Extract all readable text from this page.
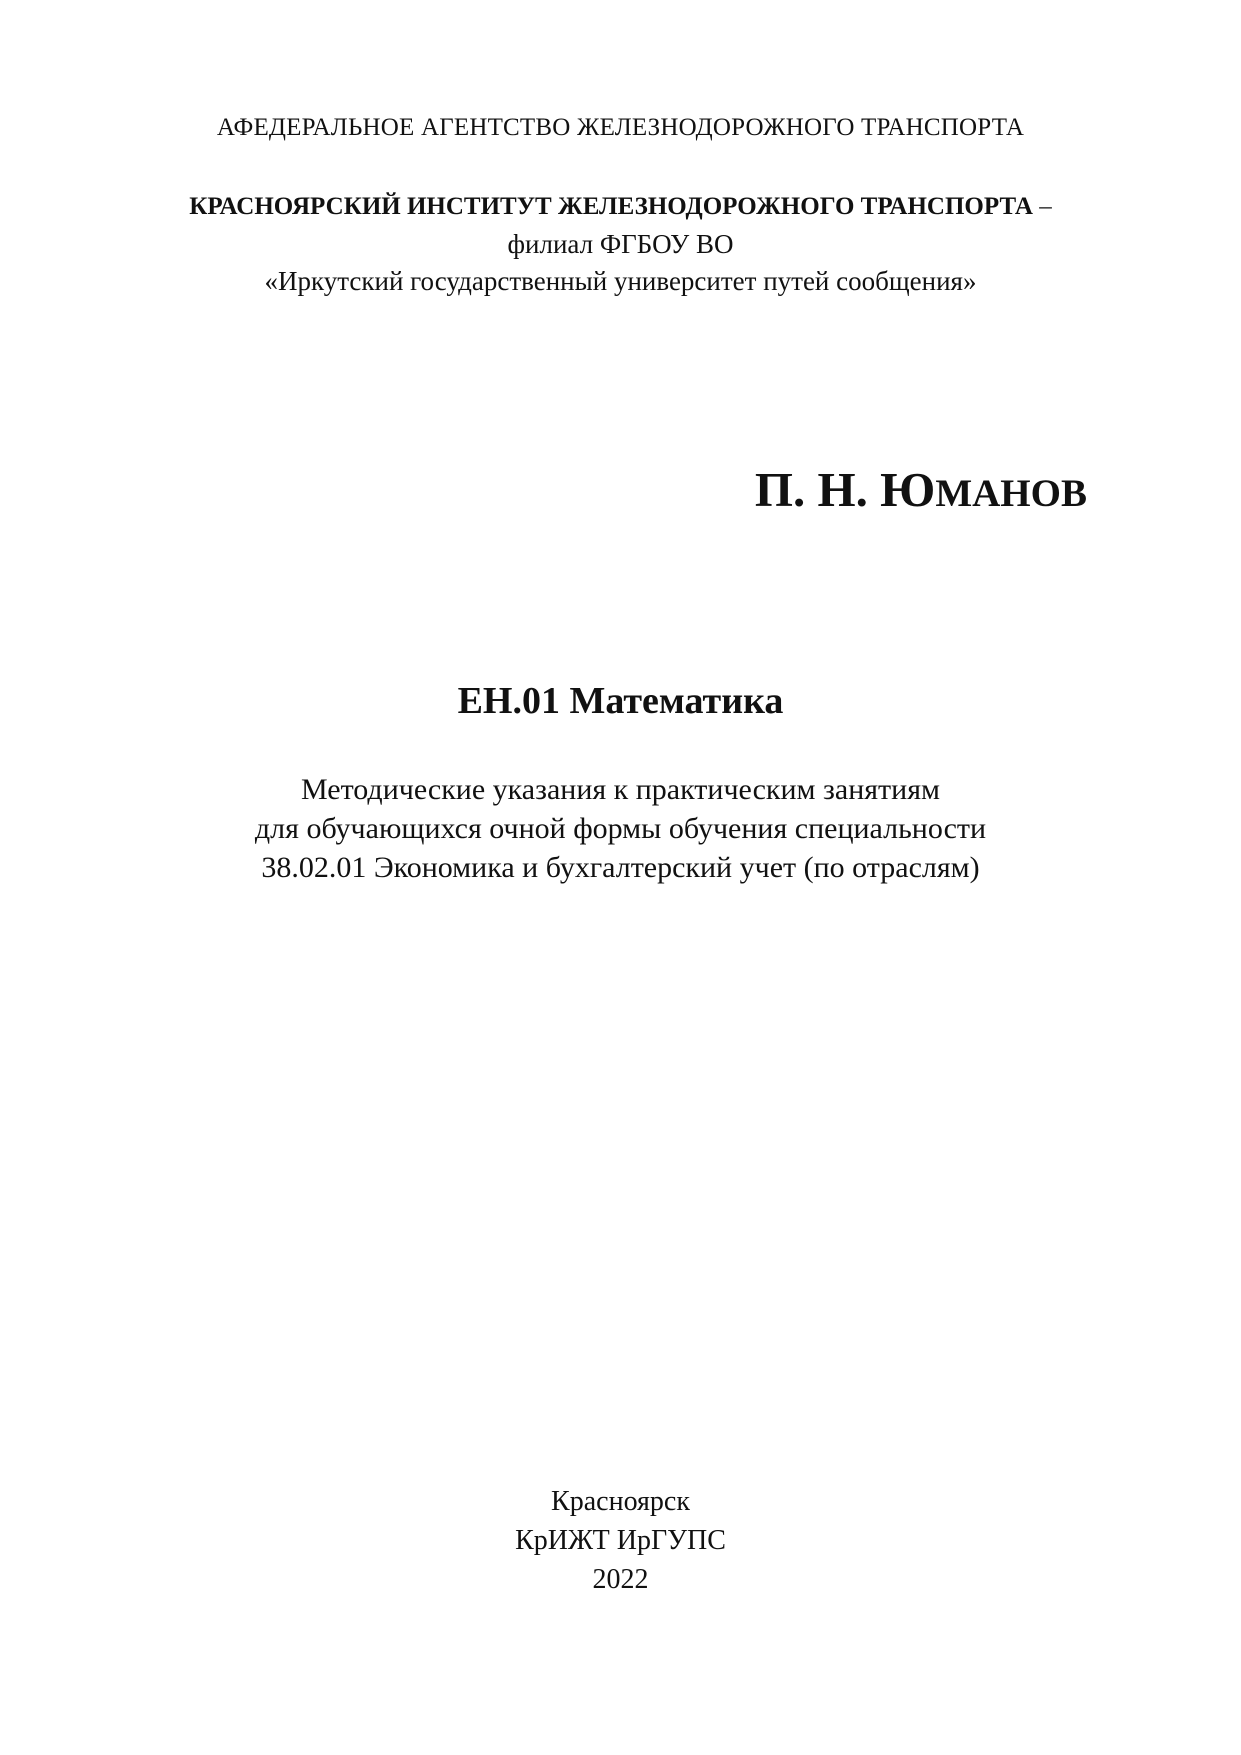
АФЕДЕРАЛЬНОЕ АГЕНТСТВО ЖЕЛЕЗНОДОРОЖНОГО ТРАНСПОРТА
КРАСНОЯРСКИЙ ИНСТИТУТ ЖЕЛЕЗНОДОРОЖНОГО ТРАНСПОРТА –
филиал ФГБОУ ВО
«Иркутский государственный университет путей сообщения»
П. Н. ЮМАНОВ
ЕН.01 Математика
Методические указания к практическим занятиям
для обучающихся очной формы обучения специальности
38.02.01 Экономика и бухгалтерский учет (по отраслям)
Красноярск
КрИЖТ ИрГУПС
2022
